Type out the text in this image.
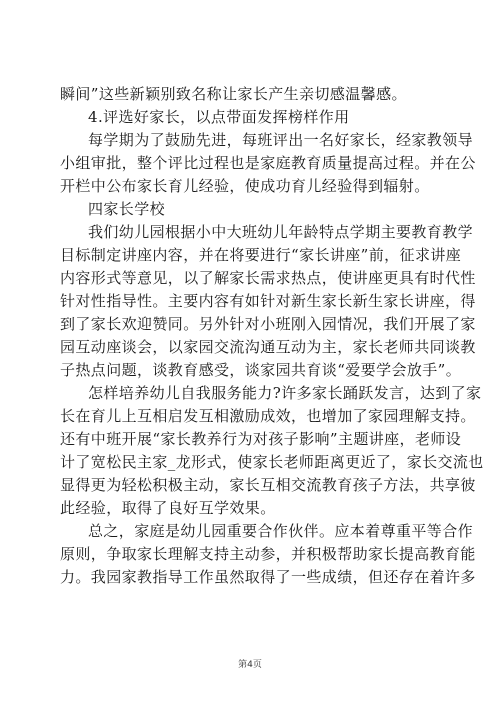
瞬间”这些新颖别致名称让家长产生亲切感温馨感。
4.评选好家长，以点带面发挥榜样作用
每学期为了鼓励先进，每班评出一名好家长，经家教领导
小组审批，整个评比过程也是家庭教育质量提高过程。并在公
开栏中公布家长育儿经验，使成功育儿经验得到辐射。
四家长学校
我们幼儿园根据小中大班幼儿年龄特点学期主要教育教学
目标制定讲座内容，并在将要进行“家长讲座”前，征求讲座
内容形式等意见，以了解家长需求热点，使讲座更具有时代性
针对性指导性。主要内容有如针对新生家长新生家长讲座，得
到了家长欢迎赞同。另外针对小班刚入园情况，我们开展了家
园互动座谈会，以家园交流沟通互动为主，家长老师共同谈教
子热点问题，谈教育感受，谈家园共育谈“爱要学会放手”。
怎样培养幼儿自我服务能力?许多家长踊跃发言，达到了家
长在育儿上互相启发互相激励成效，也增加了家园理解支持。
还有中班开展“家长教养行为对孩子影响”主题讲座，老师设
计了宽松民主家_龙形式，使家长老师距离更近了，家长交流也
显得更为轻松积极主动，家长互相交流教育孩子方法，共享彼
此经验，取得了良好互学效果。
总之，家庭是幼儿园重要合作伙伴。应本着尊重平等合作
原则，争取家长理解支持主动参，并积极帮助家长提高教育能
力。我园家教指导工作虽然取得了一些成绩，但还存在着许多
第4页
